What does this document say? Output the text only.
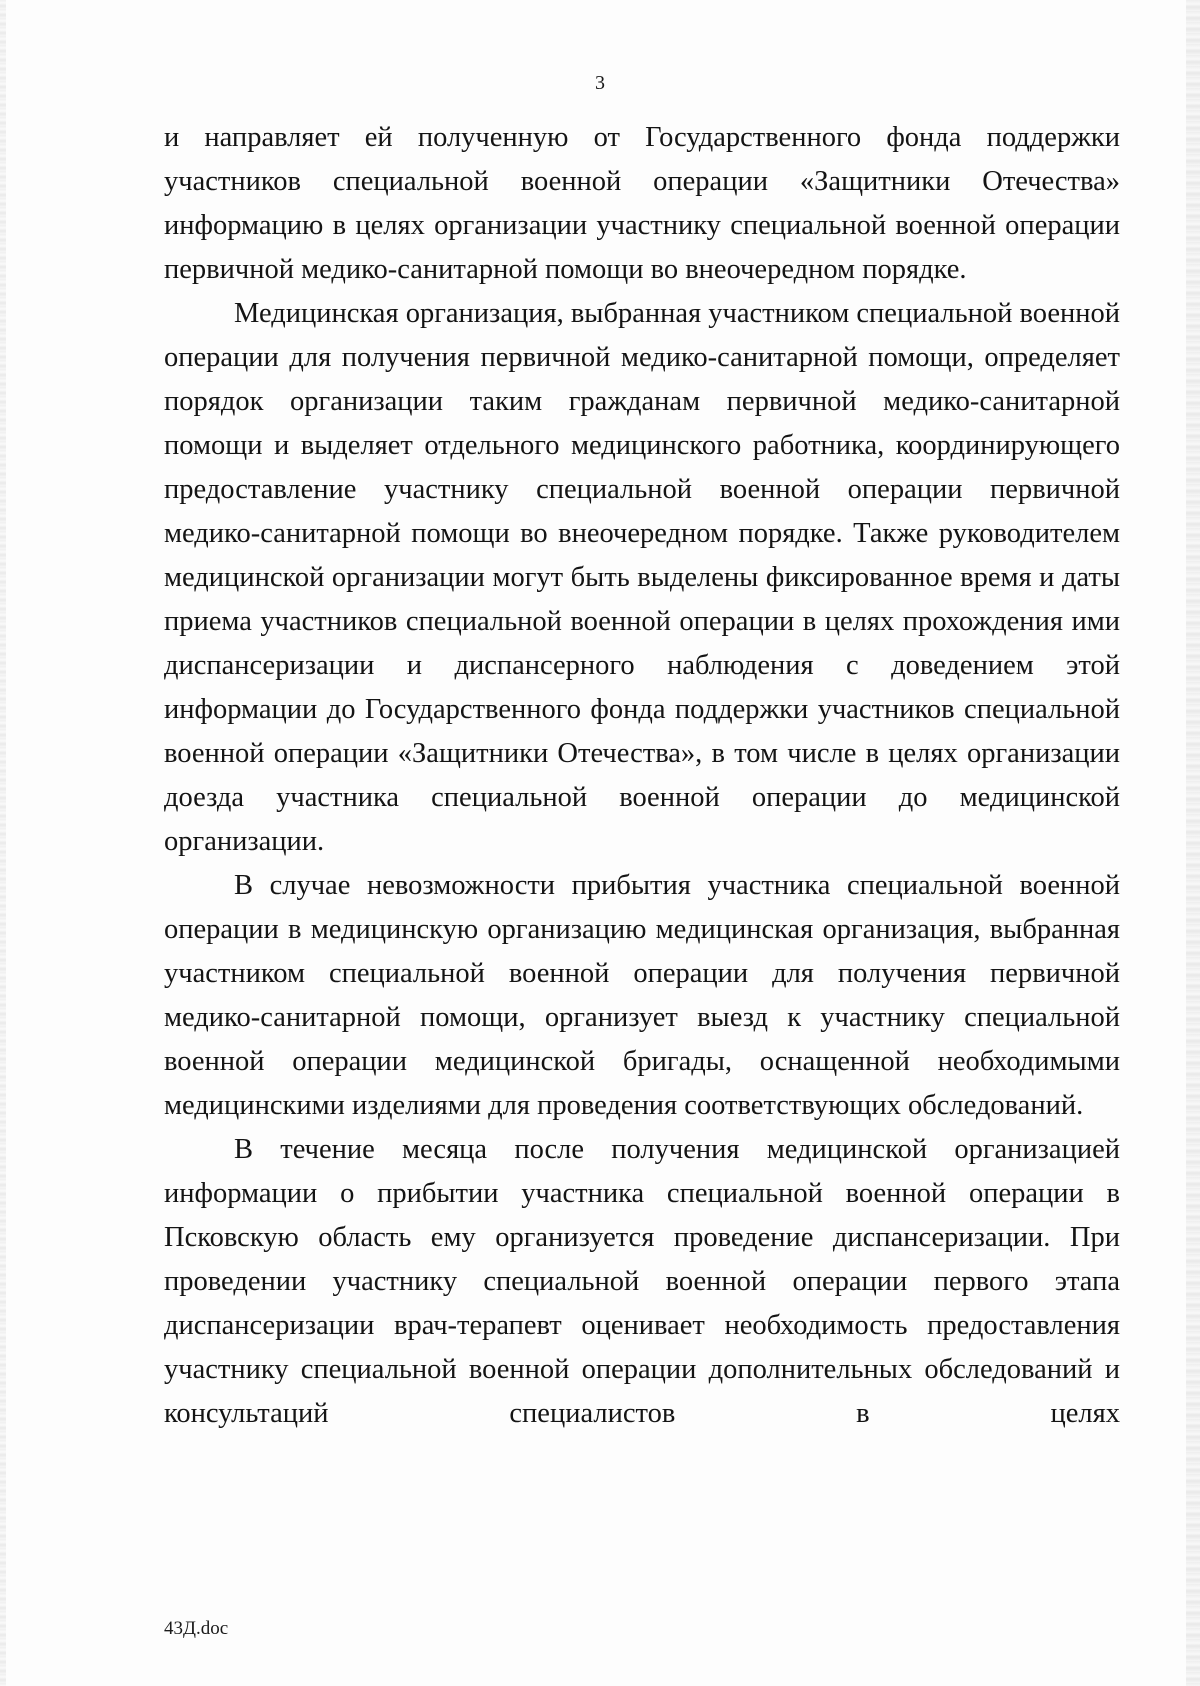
3

и направляет ей полученную от Государственного фонда поддержки участников специальной военной операции «Защитники Отечества» информацию в целях организации участнику специальной военной операции первичной медико-санитарной помощи во внеочередном порядке.

Медицинская организация, выбранная участником специальной военной операции для получения первичной медико-санитарной помощи, определяет порядок организации таким гражданам первичной медико-санитарной помощи и выделяет отдельного медицинского работника, координирующего предоставление участнику специальной военной операции первичной медико-санитарной помощи во внеочередном порядке. Также руководителем медицинской организации могут быть выделены фиксированное время и даты приема участников специальной военной операции в целях прохождения ими диспансеризации и диспансерного наблюдения с доведением этой информации до Государственного фонда поддержки участников специальной военной операции «Защитники Отечества», в том числе в целях организации доезда участника специальной военной операции до медицинской организации.

В случае невозможности прибытия участника специальной военной операции в медицинскую организацию медицинская организация, выбранная участником специальной военной операции для получения первичной медико-санитарной помощи, организует выезд к участнику специальной военной операции медицинской бригады, оснащенной необходимыми медицинскими изделиями для проведения соответствующих обследований.

В течение месяца после получения медицинской организацией информации о прибытии участника специальной военной операции в Псковскую область ему организуется проведение диспансеризации. При проведении участнику специальной военной операции первого этапа диспансеризации врач-терапевт оценивает необходимость предоставления участнику специальной военной операции дополнительных обследований и консультаций специалистов в целях

43Д.doc
